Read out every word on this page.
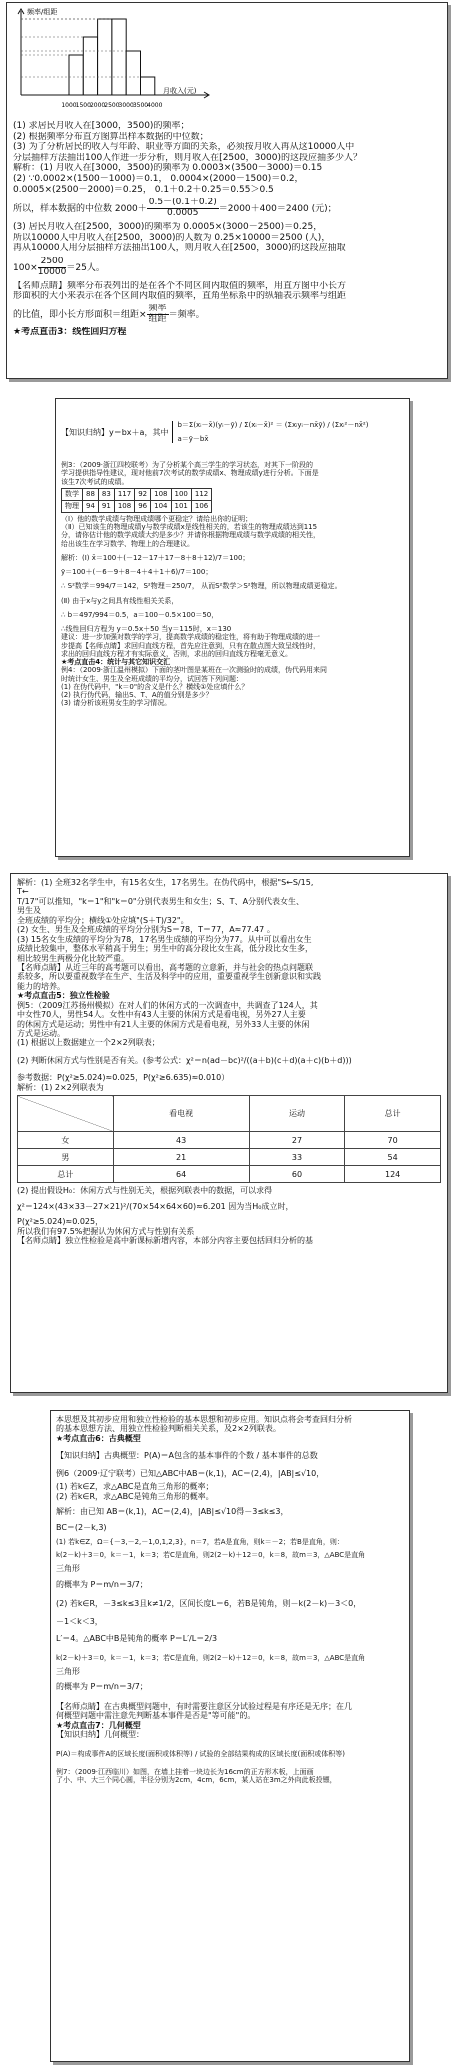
1000 1500 2000 2500 3000 3500 4000
频率/组距
月收入(元)

(1) 求居民月收入在[3000，3500)的频率；

(2) 根据频率分布直方图算出样本数据的中位数；

(3) 为了分析居民的收入与年龄、职业等方面的关系，必须按月收入再从这10000人中

分层抽样方法抽出100人作进一步分析，则月收入在[2500，3000)的这段应抽多少人？

解析：(1) 月收入在[3000，3500)的频率为 0.0003×(3500－3000)＝0.15

(2) ∵0.0002×(1500－1000)＝0.1， 0.0004×(2000－1500)＝0.2，

0.0005×(2500－2000)＝0.25， 0.1＋0.2＋0.25＝0.55＞0.5

所以，样本数据的中位数 $2000+ \frac{0.5-(0.1+0.2)}{0.0005} =2000+400=2400$ (元)；

(3) 居民月收入在[2500，3000)的频率为 0.0005×(3000－2500)＝0.25，

所以10000人中月收入在[2500，3000)的人数为 0.25×10000＝2500 (人)，

再从10000人用分层抽样方法抽出100人，则月收入在[2500，3000)的这段应抽取

$100\times \frac{2500}{10000} =25$人。

【名师点睛】频率分布表列出的是在各个不同区间内取值的频率，用直方图中小长方

形面积的大小来表示在各个区间内取值的频率，直角坐标系中的纵轴表示频率与组距

的比值，即小长方形面积＝组距× $\frac{\text{频率}}{\text{组距}}$ ＝频率。

★考点直击3：线性回归方程

【知识归纳】y＝bx＋a，其中

b＝Σ(xᵢ－x̄)(yᵢ－ȳ) / Σ(xᵢ－x̄)² ＝ (Σxᵢyᵢ－nx̄ȳ) / (Σxᵢ²－nx̄²)

a＝ȳ－bx̄

例3：（2009·浙江四校联考）为了分析某个高三学生的学习状态，对其下一阶段的

学习提供指导性建议，现对他前7次考试的数学成绩x、物理成绩y进行分析。下面是

该生7次考试的成绩。

数学	88	83	117	92	108	100	112
物理	94	91	108	96	104	101	106

（Ⅰ）他的数学成绩与物理成绩哪个更稳定？请给出你的证明；

（Ⅱ）已知该生的物理成绩y与数学成绩x是线性相关的，若该生的物理成绩达到115

分，请你估计他的数学成绩大约是多少？并请你根据物理成绩与数学成绩的相关性，

给出该生在学习数学、物理上的合理建议。

解析：(Ⅰ) x̄＝100＋(－12－17＋17－8＋8＋12)/7＝100；

ȳ＝100＋(－6－9＋8－4＋4＋1＋6)/7＝100；

∴ S²数学＝994/7＝142，S²物理＝250/7， 从而S²数学＞S²物理，所以物理成绩更稳定。

(Ⅱ) 由于x与y之间具有线性相关关系，

∴ b＝497/994＝0.5，a＝100－0.5×100＝50，

∴线性回归方程为 y＝0.5x＋50 当y＝115时，x＝130

建议：进一步加强对数学的学习，提高数学成绩的稳定性，将有助于物理成绩的进一

步提高【名师点睛】求回归直线方程，首先应注意到，只有在散点图大致呈线性时，

求出的回归直线方程才有实际意义，否则，求出的回归直线方程毫无意义。

★考点直击4：统计与其它知识交汇

例4：（2009·浙江温州模拟）下面的茎叶图是某班在一次测验时的成绩，伪代码用来同

时统计女生、男生及全班成绩的平均分，试回答下列问题：

(1) 在伪代码中，"k＝0"的含义是什么？横线①处应填什么？

(2) 执行伪代码，输出S、T、A的值分别是多少？

(3) 请分析该班男女生的学习情况。

解析：(1) 全班32名学生中，有15名女生，17名男生。在伪代码中，根据"S←S/15,

T←

T/17"可以推知，"k＝1"和"k＝0"分别代表男生和女生；S、T、A分别代表女生、

男生及

全班成绩的平均分；横线①处应填"(S＋T)/32"。

(2) 女生、男生及全班成绩的平均分分别为S＝78，T＝77，A≈77.47 。

(3) 15名女生成绩的平均分为78，17名男生成绩的平均分为77。从中可以看出女生

成绩比较集中，整体水平稍高于男生；男生中的高分段比女生高，低分段比女生多，

相比较男生两极分化比较严重。

【名师点睛】从近三年的高考题可以看出，高考题的立意新，并与社会的热点问题联

系较多，所以要重视数学在生产、生活及科学中的应用，重要重视学生创新意识和实践

能力的培养。

★考点直击5：独立性检验

例5：（2009江苏扬州模拟）在对人们的休闲方式的一次调查中，共调查了124人，其

中女性70人，男性54人。女性中有43人主要的休闲方式是看电视，另外27人主要

的休闲方式是运动；男性中有21人主要的休闲方式是看电视，另外33人主要的休闲

方式是运动。

(1) 根据以上数据建立一个2×2列联表；

(2) 判断休闲方式与性别是否有关。(参考公式：χ²＝n(ad－bc)²/((a＋b)(c＋d)(a＋c)(b＋d)))

参考数据：P(χ²≥5.024)≈0.025，P(χ²≥6.635)≈0.010）

解析：(1) 2×2列联表为

	看电视	运动	总计
女	43	27	70
男	21	33	54
总计	64	60	124

(2) 提出假设H₀：休闲方式与性别无关，根据列联表中的数据，可以求得

χ²＝124×(43×33－27×21)²/(70×54×64×60)≈6.201 因为当H₀成立时，

P(χ²≥5.024)≈0.025，

所以我们有97.5%把握认为休闲方式与性别有关系

【名师点睛】独立性检验是高中新课标新增内容，本部分内容主要包括回归分析的基

本思想及其初步应用和独立性检验的基本思想和初步应用。知识点将会考查回归分析

的基本思想方法、用独立性检验判断相关关系，及2×2列联表。

★考点直击6：古典概型

【知识归纳】古典概型：P(A)＝A包含的基本事件的个数 / 基本事件的总数

例6（2009·辽宁联考）已知△ABC中AB＝(k,1)，AC＝(2,4)，|AB|≤√10，

(1) 若k∈Z，求△ABC是直角三角形的概率；

(2) 若k∈R，求△ABC是钝角三角形的概率。

解析：由已知 AB＝(k,1)，AC＝(2,4)，|AB|≤√10得－3≤k≤3，

BC＝(2－k,3)

(1) 若k∈Z，Ω＝{－3,－2,－1,0,1,2,3}，n＝7，若A是直角，则k＝－2；若B是直角，则：

k(2－k)＋3＝0，k＝－1，k＝3；若C是直角，则2(2－k)＋12＝0，k＝8，故m＝3，△ABC是直角

三角形

的概率为 P＝m/n＝3/7；

(2) 若k∈R，－3≤k≤3且k≠1/2，区间长度L＝6，若B是钝角，则－k(2－k)－3＜0，

－1＜k＜3，

L′＝4。△ABC中B是钝角的概率 P＝L′/L＝2/3

k(2－k)＋3＝0，k＝－1，k＝3；若C是直角，则2(2－k)＋12＝0，k＝8，故m＝3，△ABC是直角

三角形

的概率为 P＝m/n＝3/7；

【名师点睛】在古典概型问题中，有时需要注意区分试验过程是有序还是无序；在几

何概型问题中需注意先判断基本事件是否是"等可能"的。

★考点直击7：几何概型

【知识归纳】几何概型：

P(A)＝构成事件A的区域长度(面积或体积等) / 试验的全部结果构成的区域长度(面积或体积等)

例7：（2009·江西临川）如图，在墙上挂着一块边长为16cm的正方形木板，上面画

了小、中、大三个同心圆，半径分别为2cm，4cm，6cm，某人站在3m之外向此板投镖，
